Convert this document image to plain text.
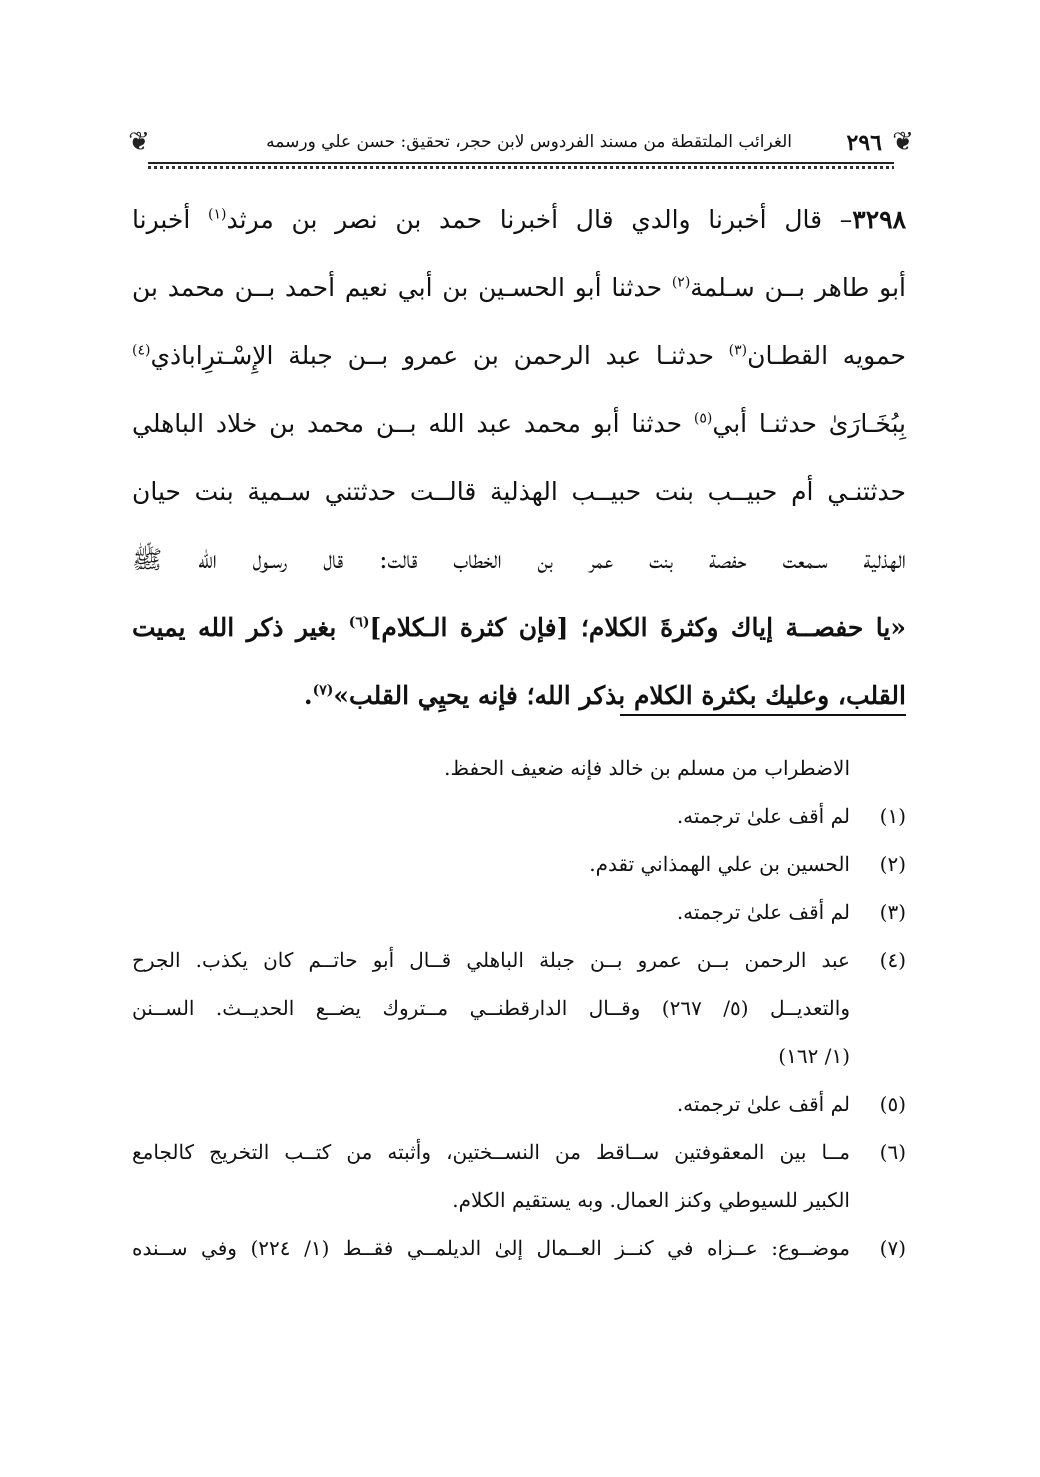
❦
٢٩٦
الغرائب الملتقطة من مسند الفردوس لابن حجر، تحقيق: حسن علي ورسمه
❦
٣٢٩٨– قال أخبرنا والدي قال أخبرنا حمد بن نصر بن مرثد$^{(١)}$ أخبرنا
أبو طاهر بــن سـلمة$^{(٢)}$ حدثنا أبو الحسـين بن أبي نعيم أحمد بــن محمد بن
حمويه القطـان$^{(٣)}$ حدثنـا عبد الرحمن بن عمرو بــن جبلة الإِسْـترِاباذي$^{(٤)}$
بِبُخَـارَىٰ حدثنـا أبي$^{(٥)}$ حدثنا أبو محمد عبد الله بــن محمد بن خلاد الباهلي
حدثتنـي أم حبيــب بنت حبيــب الهذلية قالــت حدثتني سـمية بنت حيان
الهذلية سـمعت حفصة بنت عمر بن الخطاب قالت: قال رسـول الله ﷺ
«يا حفصــة إياك وكثرةَ الكلام؛ [فإن كثرة الـكلام]$^{(٦)}$ بغير ذكر الله يميت
القلب، وعليك بكثرة الكلام بذكر الله؛ فإنه يحيِي القلب»$^{(٧)}$.
الاضطراب من مسلم بن خالد فإنه ضعيف الحفظ.
(١)
لم أقف علىٰ ترجمته.
(٢)
الحسين بن علي الهمذاني تقدم.
(٣)
لم أقف علىٰ ترجمته.
(٤)
عبد الرحمن بــن عمرو بــن جبلة الباهلي قــال أبو حاتــم كان يكذب. الجرح
والتعديــل (٥/ ٢٦٧) وقــال الدارقطنــي مــتروك يضــع الحديــث. الســنن
(١/ ١٦٢)
(٥)
لم أقف علىٰ ترجمته.
(٦)
مــا بين المعقوفتين ســاقط من النســختين، وأثبته من كتــب التخريج كالجامع
الكبير للسيوطي وكنز العمال. وبه يستقيم الكلام.
(٧)
موضــوع: عــزاه في كنــز العــمال إلىٰ الديلمــي فقــط (١/ ٢٢٤) وفي ســنده
